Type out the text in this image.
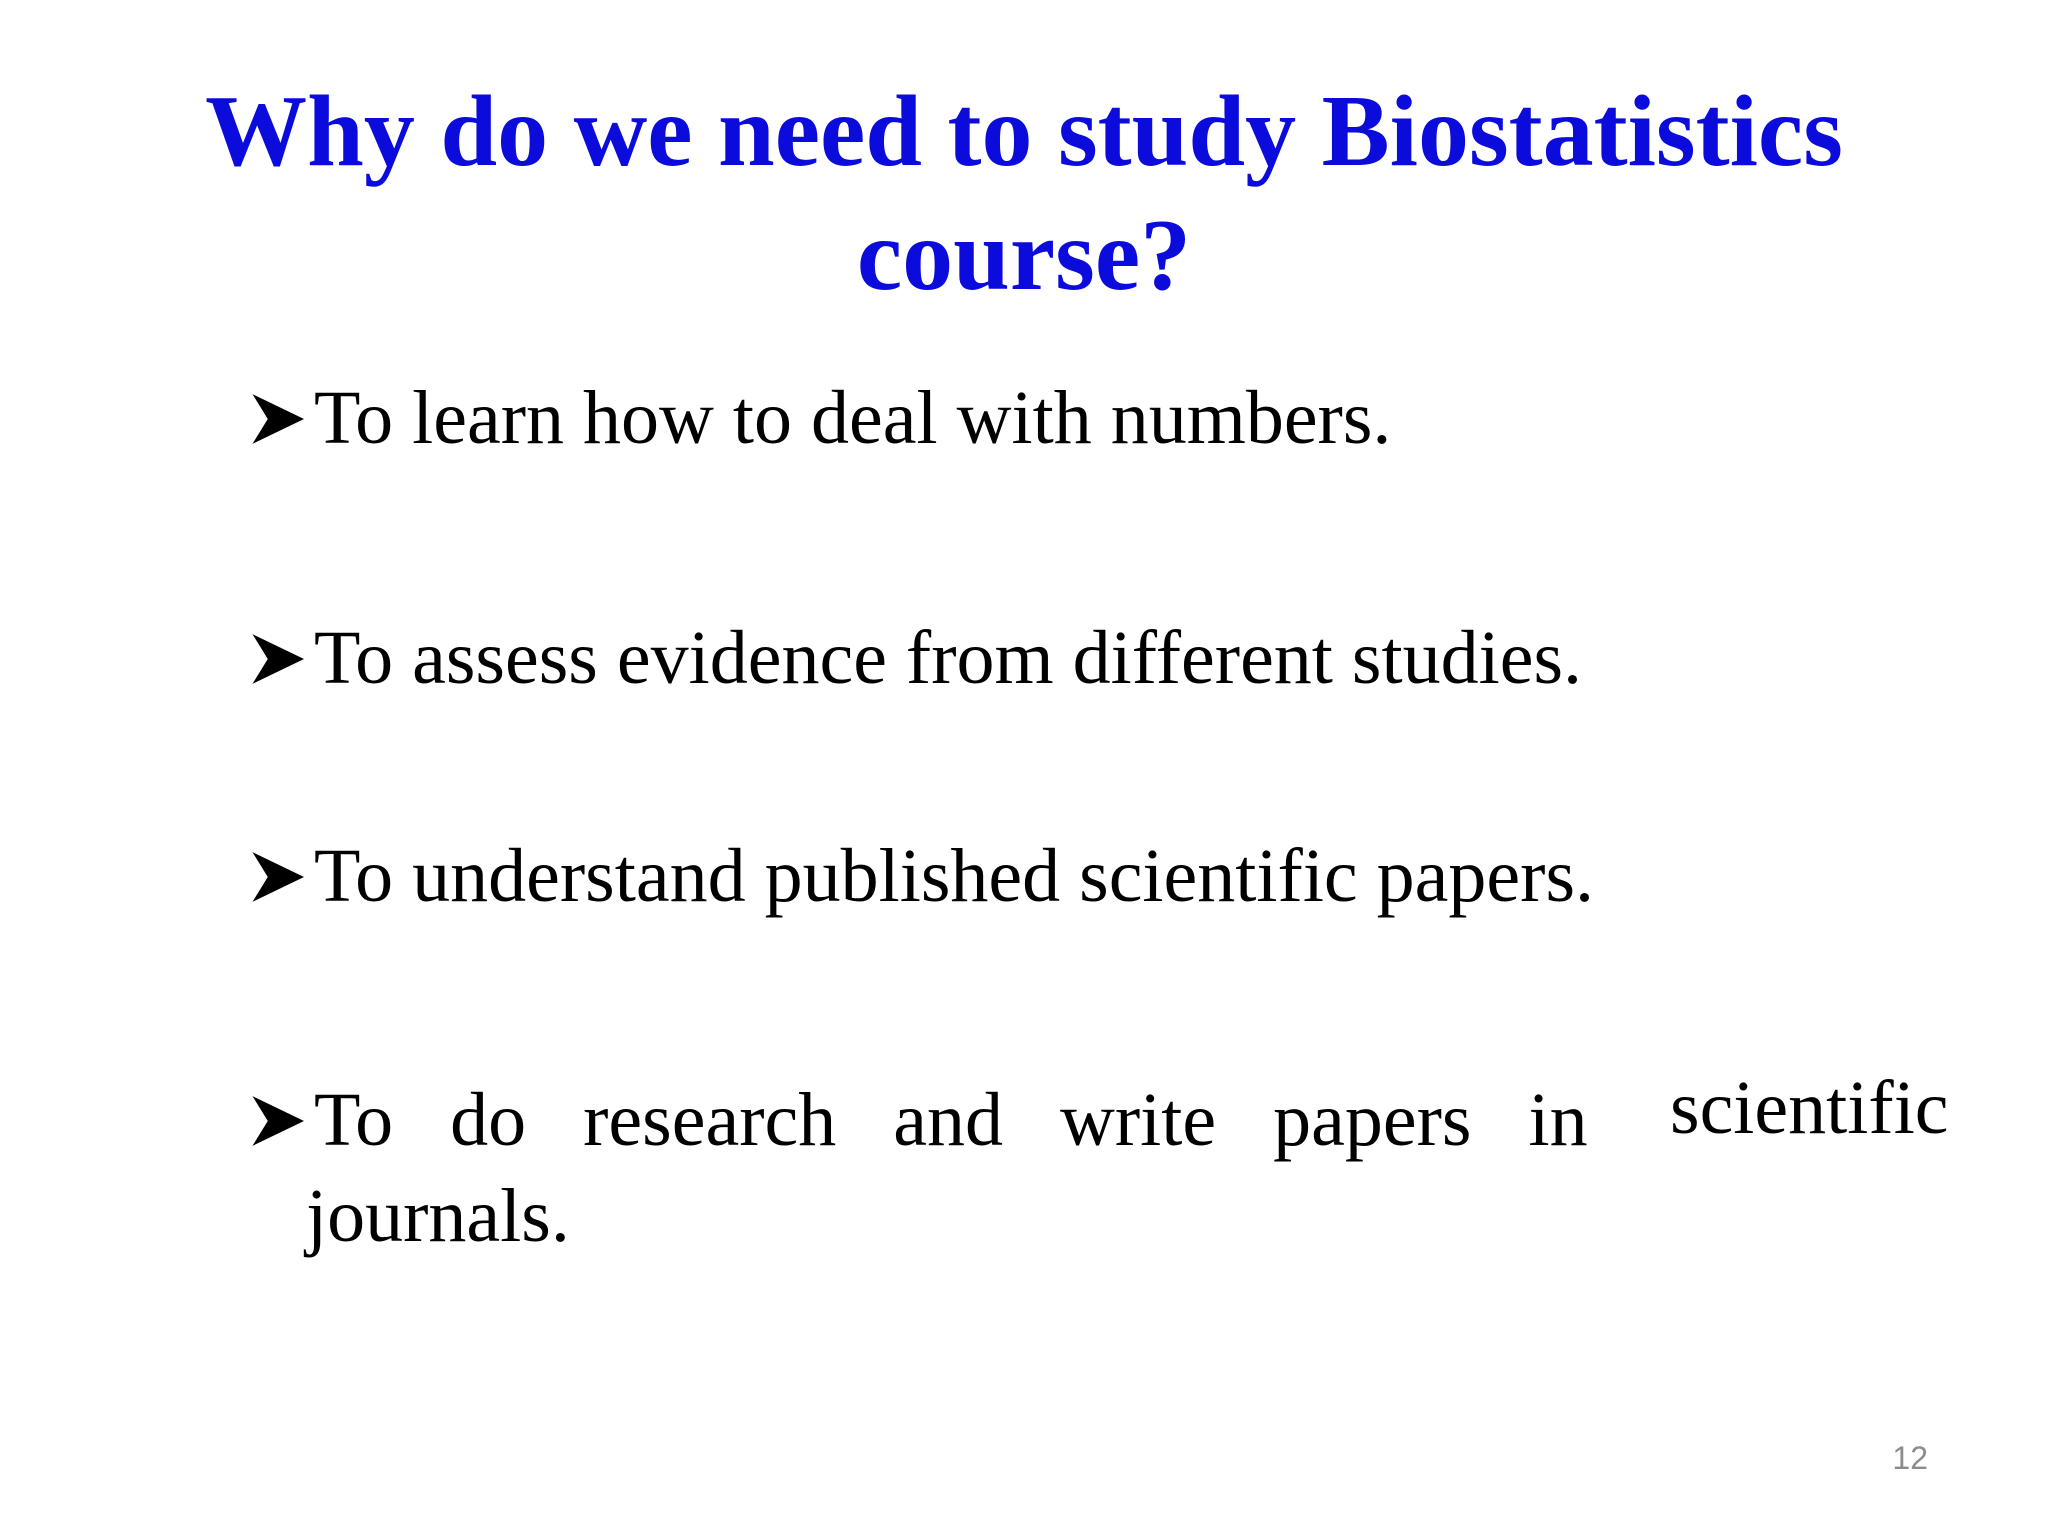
Why do we need to study Biostatistics
course?
To learn how to deal with numbers.
To assess evidence from different studies.
To understand published scientific papers.
To do research and write papers in
journals.
scientific
12
